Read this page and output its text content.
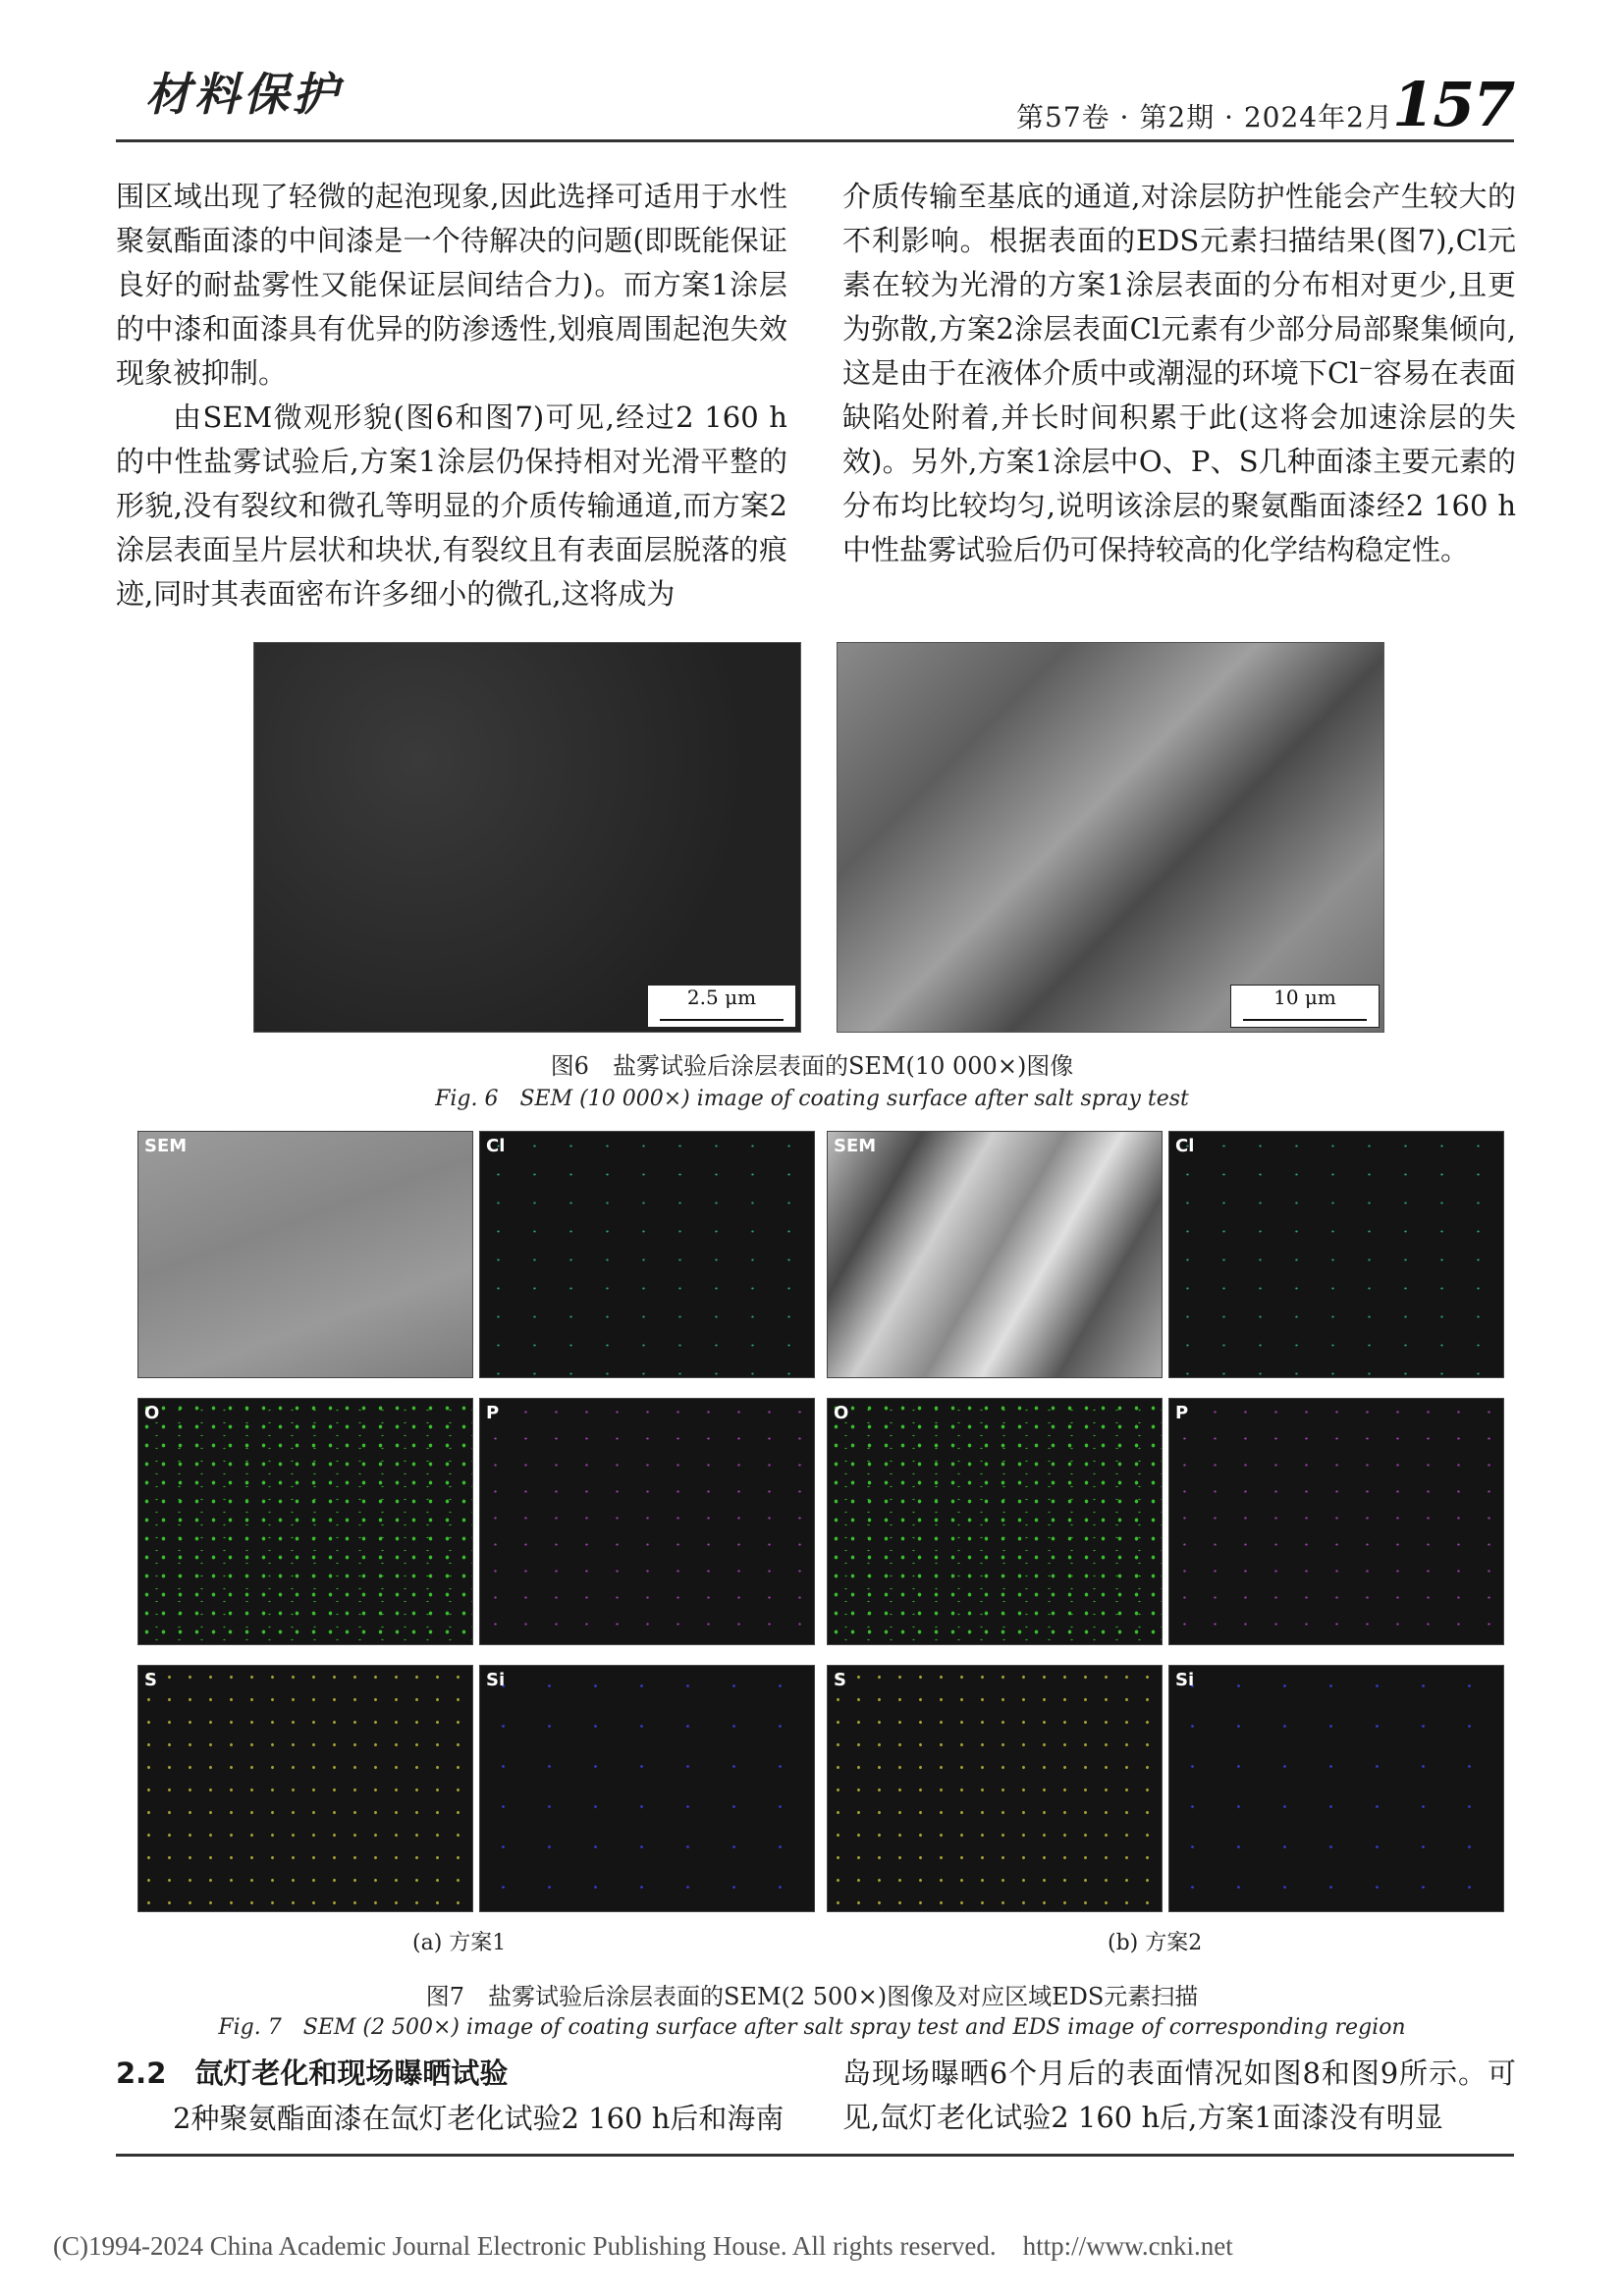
材料保护	第57卷 · 第2期 · 2024年2月 157

围区域出现了轻微的起泡现象,因此选择可适用于水性聚氨酯面漆的中间漆是一个待解决的问题(即既能保证良好的耐盐雾性又能保证层间结合力)。而方案1涂层的中漆和面漆具有优异的防渗透性,划痕周围起泡失效现象被抑制。

由SEM微观形貌(图6和图7)可见,经过2 160 h的中性盐雾试验后,方案1涂层仍保持相对光滑平整的形貌,没有裂纹和微孔等明显的介质传输通道,而方案2涂层表面呈片层状和块状,有裂纹且有表面层脱落的痕迹,同时其表面密布许多细小的微孔,这将成为

介质传输至基底的通道,对涂层防护性能会产生较大的不利影响。根据表面的EDS元素扫描结果(图7),Cl元素在较为光滑的方案1涂层表面的分布相对更少,且更为弥散,方案2涂层表面Cl元素有少部分局部聚集倾向,这是由于在液体介质中或潮湿的环境下Cl⁻容易在表面缺陷处附着,并长时间积累于此(这将会加速涂层的失效)。另外,方案1涂层中O、P、S几种面漆主要元素的分布均比较均匀,说明该涂层的聚氨酯面漆经2 160 h中性盐雾试验后仍可保持较高的化学结构稳定性。

2.5 μm	10 μm
图6　盐雾试验后涂层表面的SEM(10 000×)图像
Fig. 6　SEM (10 000×) image of coating surface after salt spray test
SEM	Cl	SEM	Cl
O	P	O	P
S	Si	S	Si
(a) 方案1	(b) 方案2
图7　盐雾试验后涂层表面的SEM(2 500×)图像及对应区域EDS元素扫描
Fig. 7　SEM (2 500×) image of coating surface after salt spray test and EDS image of corresponding region
2.2　氙灯老化和现场曝晒试验

2种聚氨酯面漆在氙灯老化试验2 160 h后和海南

岛现场曝晒6个月后的表面情况如图8和图9所示。可见,氙灯老化试验2 160 h后,方案1面漆没有明显

(C)1994-2024 China Academic Journal Electronic Publishing House. All rights reserved.　http://www.cnki.net
